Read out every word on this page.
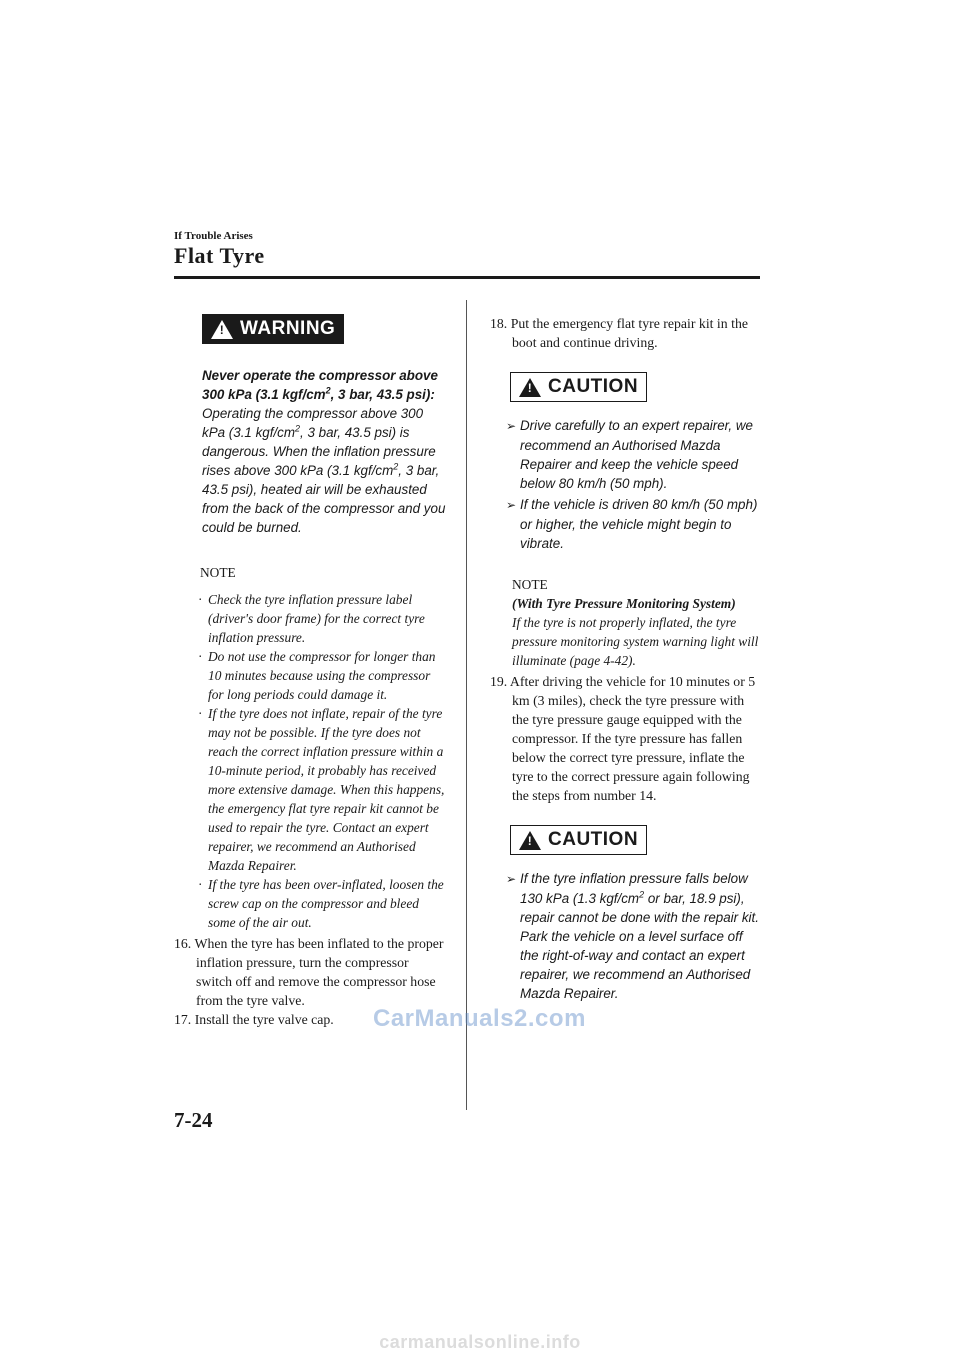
If Trouble Arises
Flat Tyre
! WARNING

Never operate the compressor above 300 kPa (3.1 kgf/$cm^2$, 3 bar, 43.5 psi):

Operating the compressor above 300 kPa (3.1 kgf/$cm^2$, 3 bar, 43.5 psi) is dangerous. When the inflation pressure rises above 300 kPa (3.1 kgf/$cm^2$, 3 bar, 43.5 psi), heated air will be exhausted from the back of the compressor and you could be burned.

NOTE

· Check the tyre inflation pressure label (driver's door frame) for the correct tyre inflation pressure.

· Do not use the compressor for longer than 10 minutes because using the compressor for long periods could damage it.

· If the tyre does not inflate, repair of the tyre may not be possible. If the tyre does not reach the correct inflation pressure within a 10-minute period, it probably has received more extensive damage. When this happens, the emergency flat tyre repair kit cannot be used to repair the tyre. Contact an expert repairer, we recommend an Authorised Mazda Repairer.

· If the tyre has been over-inflated, loosen the screw cap on the compressor and bleed some of the air out.

16. When the tyre has been inflated to the proper inflation pressure, turn the compressor switch off and remove the compressor hose from the tyre valve.

17. Install the tyre valve cap.

18. Put the emergency flat tyre repair kit in the boot and continue driving.

! CAUTION

➢ Drive carefully to an expert repairer, we recommend an Authorised Mazda Repairer and keep the vehicle speed below 80 km/h (50 mph).

➢ If the vehicle is driven 80 km/h (50 mph) or higher, the vehicle might begin to vibrate.

NOTE

(With Tyre Pressure Monitoring System)

If the tyre is not properly inflated, the tyre pressure monitoring system warning light will illuminate (page 4-42).

19. After driving the vehicle for 10 minutes or 5 km (3 miles), check the tyre pressure with the tyre pressure gauge equipped with the compressor. If the tyre pressure has fallen below the correct tyre pressure, inflate the tyre to the correct pressure again following the steps from number 14.

! CAUTION

➢ If the tyre inflation pressure falls below 130 kPa (1.3 kgf/$cm^2$ or bar, 18.9 psi), repair cannot be done with the repair kit. Park the vehicle on a level surface off the right-of-way and contact an expert repairer, we recommend an Authorised Mazda Repairer.

CarManuals2.com
7-24
carmanualsonline.info
